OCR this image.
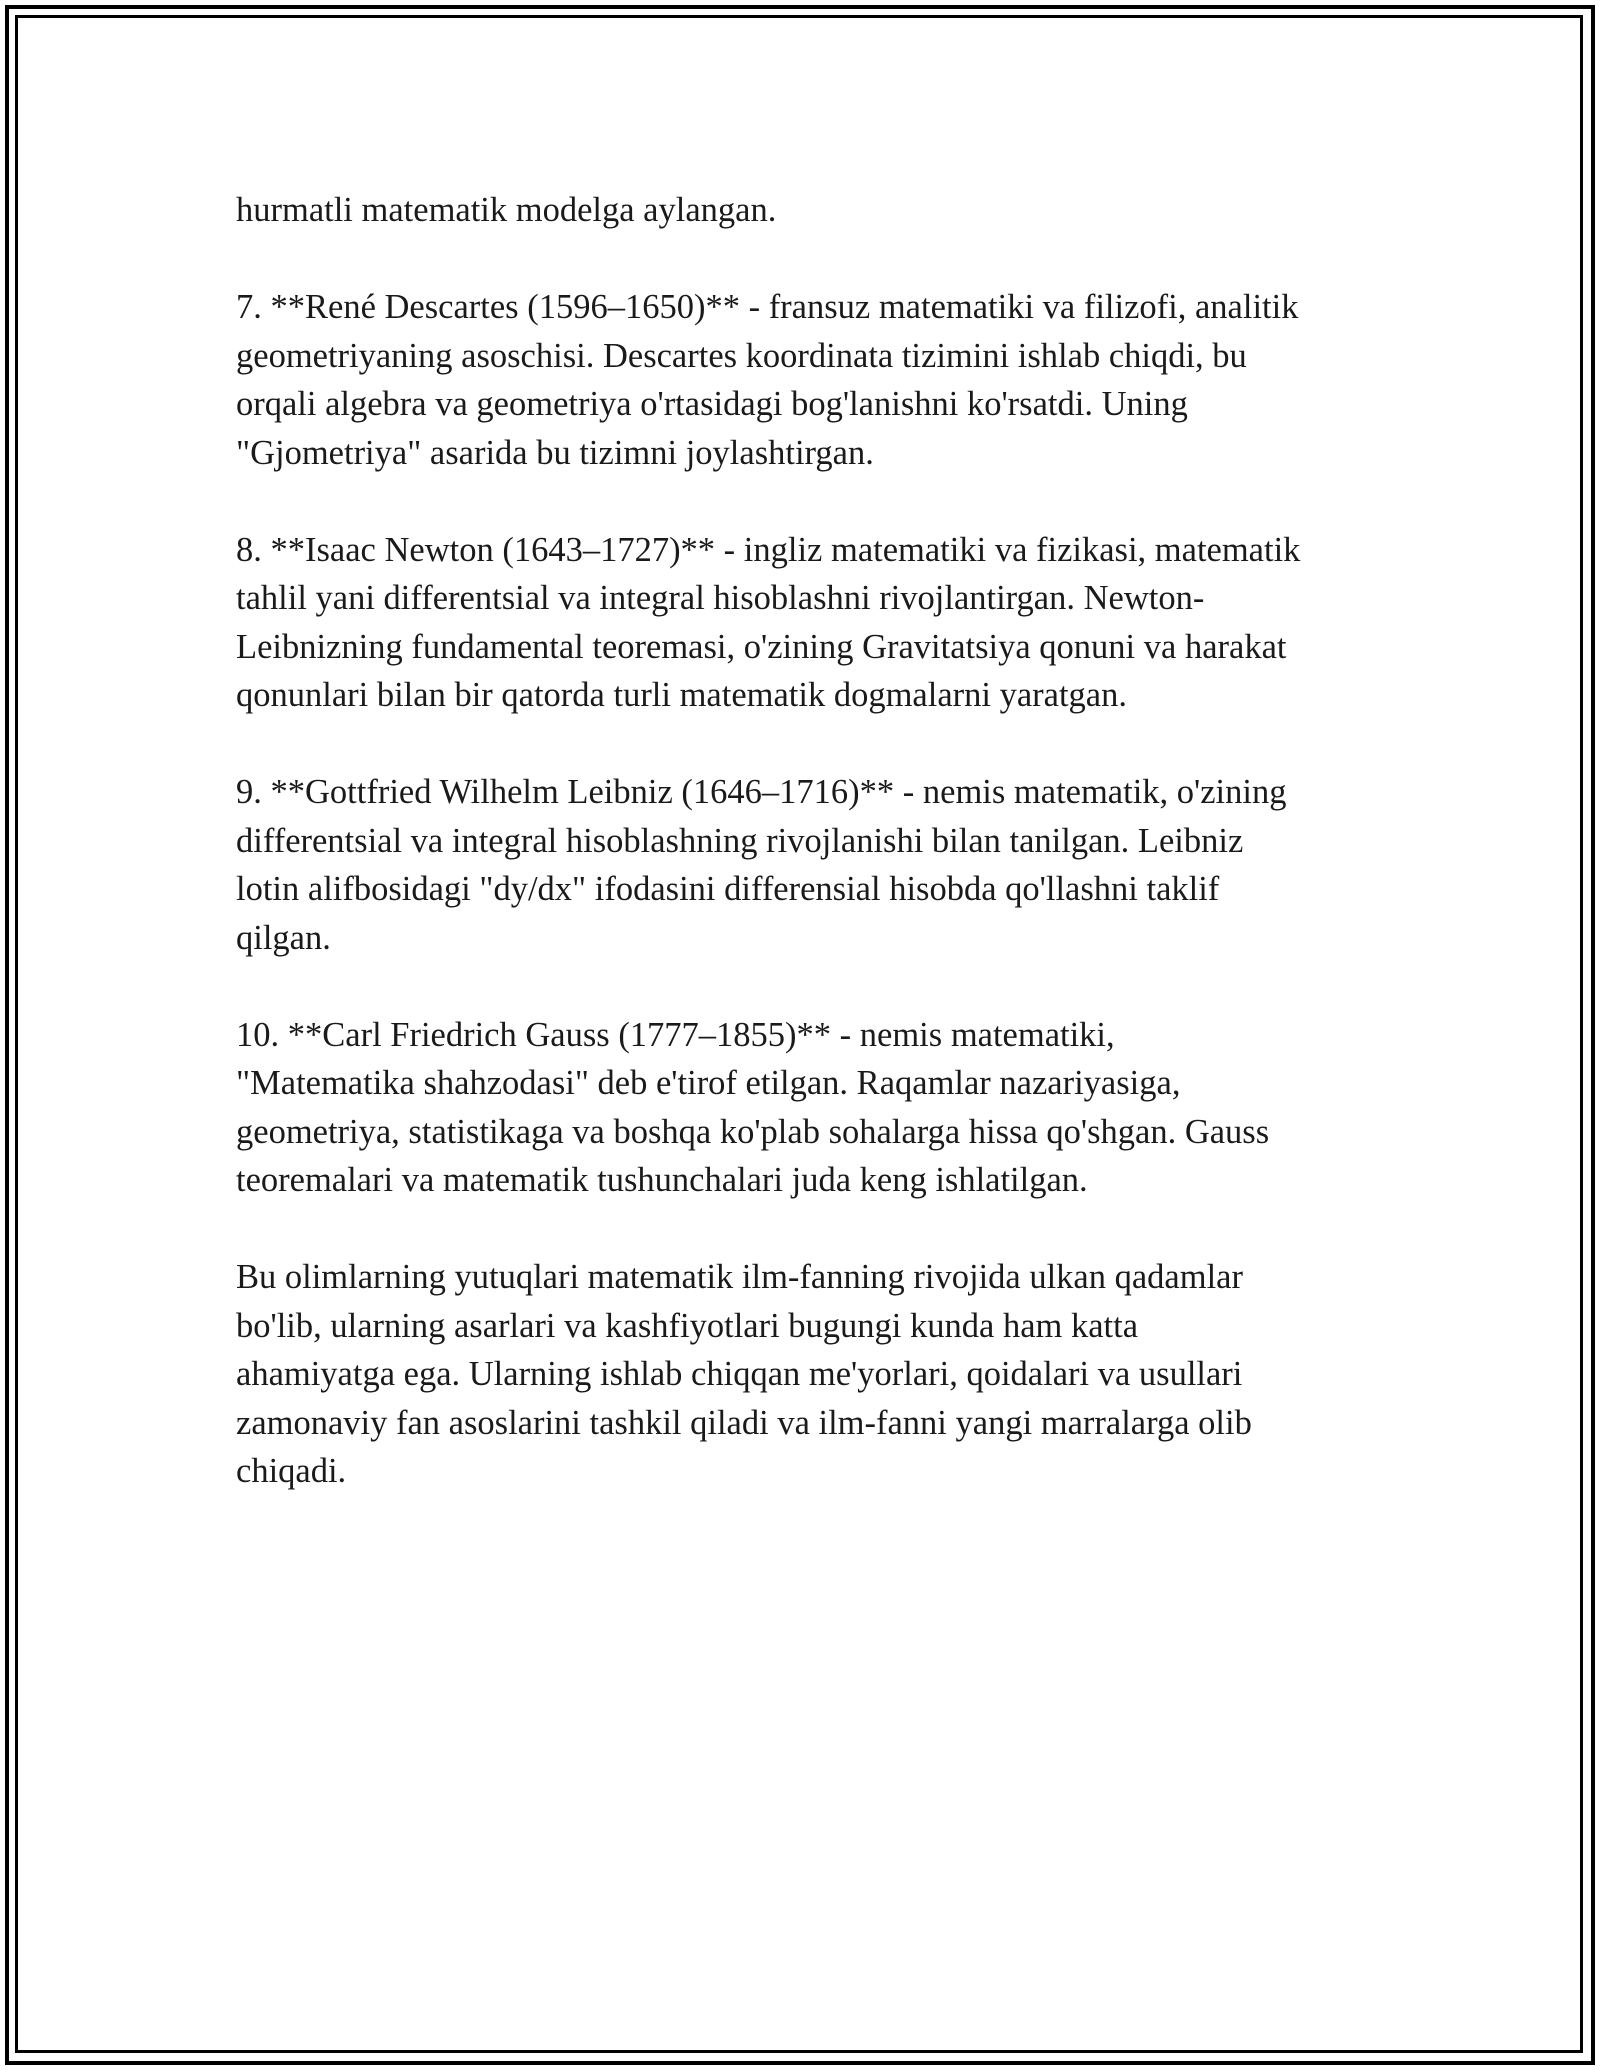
hurmatli matematik modelga aylangan.

7. **René Descartes (1596–1650)** - fransuz matematiki va filizofi, analitik
geometriyaning asoschisi. Descartes koordinata tizimini ishlab chiqdi, bu
orqali algebra va geometriya o'rtasidagi bog'lanishni ko'rsatdi. Uning
"Gjometriya" asarida bu tizimni joylashtirgan.

8. **Isaac Newton (1643–1727)** - ingliz matematiki va fizikasi, matematik
tahlil yani differentsial va integral hisoblashni rivojlantirgan. Newton-
Leibnizning fundamental teoremasi, o'zining Gravitatsiya qonuni va harakat
qonunlari bilan bir qatorda turli matematik dogmalarni yaratgan.

9. **Gottfried Wilhelm Leibniz (1646–1716)** - nemis matematik, o'zining
differentsial va integral hisoblashning rivojlanishi bilan tanilgan. Leibniz
lotin alifbosidagi "dy/dx" ifodasini differensial hisobda qo'llashni taklif
qilgan.

10. **Carl Friedrich Gauss (1777–1855)** - nemis matematiki,
"Matematika shahzodasi" deb e'tirof etilgan. Raqamlar nazariyasiga,
geometriya, statistikaga va boshqa ko'plab sohalarga hissa qo'shgan. Gauss
teoremalari va matematik tushunchalari juda keng ishlatilgan.

Bu olimlarning yutuqlari matematik ilm-fanning rivojida ulkan qadamlar
bo'lib, ularning asarlari va kashfiyotlari bugungi kunda ham katta
ahamiyatga ega. Ularning ishlab chiqqan me'yorlari, qoidalari va usullari
zamonaviy fan asoslarini tashkil qiladi va ilm-fanni yangi marralarga olib
chiqadi.
